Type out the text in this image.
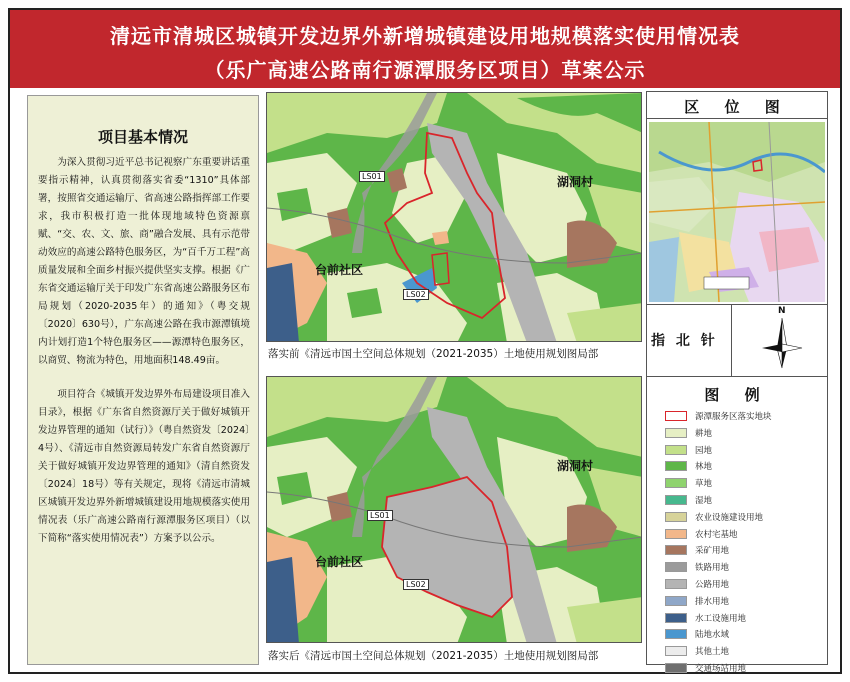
清远市清城区城镇开发边界外新增城镇建设用地规模落实使用情况表
（乐广高速公路南行源潭服务区项目）草案公示
项目基本情况
为深入贯彻习近平总书记视察广东重要讲话重要指示精神，认真贯彻落实省委“1310”具体部署，按照省交通运输厅、省高速公路指挥部工作要求，我市积极打造一批体现地域特色资源禀赋、“交、农、文、旅、商”融合发展、具有示范带动效应的高速公路特色服务区，为“百千万工程”高质量发展和全面乡村振兴提供坚实支撑。根据《广东省交通运输厅关于印发广东省高速公路服务区布局规划（2020-2035年）的通知》（粤交规〔2020〕630号），广东高速公路在我市源潭镇境内计划打造1个特色服务区——源潭特色服务区，以商贸、物流为特色，用地面积148.49亩。
项目符合《城镇开发边界外布局建设项目准入目录》，根据《广东省自然资源厅关于做好城镇开发边界管理的通知（试行）》（粤自然资发〔2024〕4号）、《清远市自然资源局转发广东省自然资源厅关于做好城镇开发边界管理的通知》（清自然资发〔2024〕18号）等有关规定，现将《清远市清城区城镇开发边界外新增城镇建设用地规模落实使用情况表（乐广高速公路南行源潭服务区项目）（以下简称“落实使用情况表”）方案予以公示。
湖洞村
台前社区
LS01
LS02
落实前《清远市国土空间总体规划（2021-2035）土地使用规划图局部
湖洞村
台前社区
LS01
LS02
落实后《清远市国土空间总体规划（2021-2035）土地使用规划图局部
区 位 图
指 北 针
N
图 例
源潭服务区落实地块
耕地
园地
林地
草地
湿地
农业设施建设用地
农村宅基地
采矿用地
铁路用地
公路用地
排水用地
水工设施用地
陆地水域
其他土地
交通场站用地
